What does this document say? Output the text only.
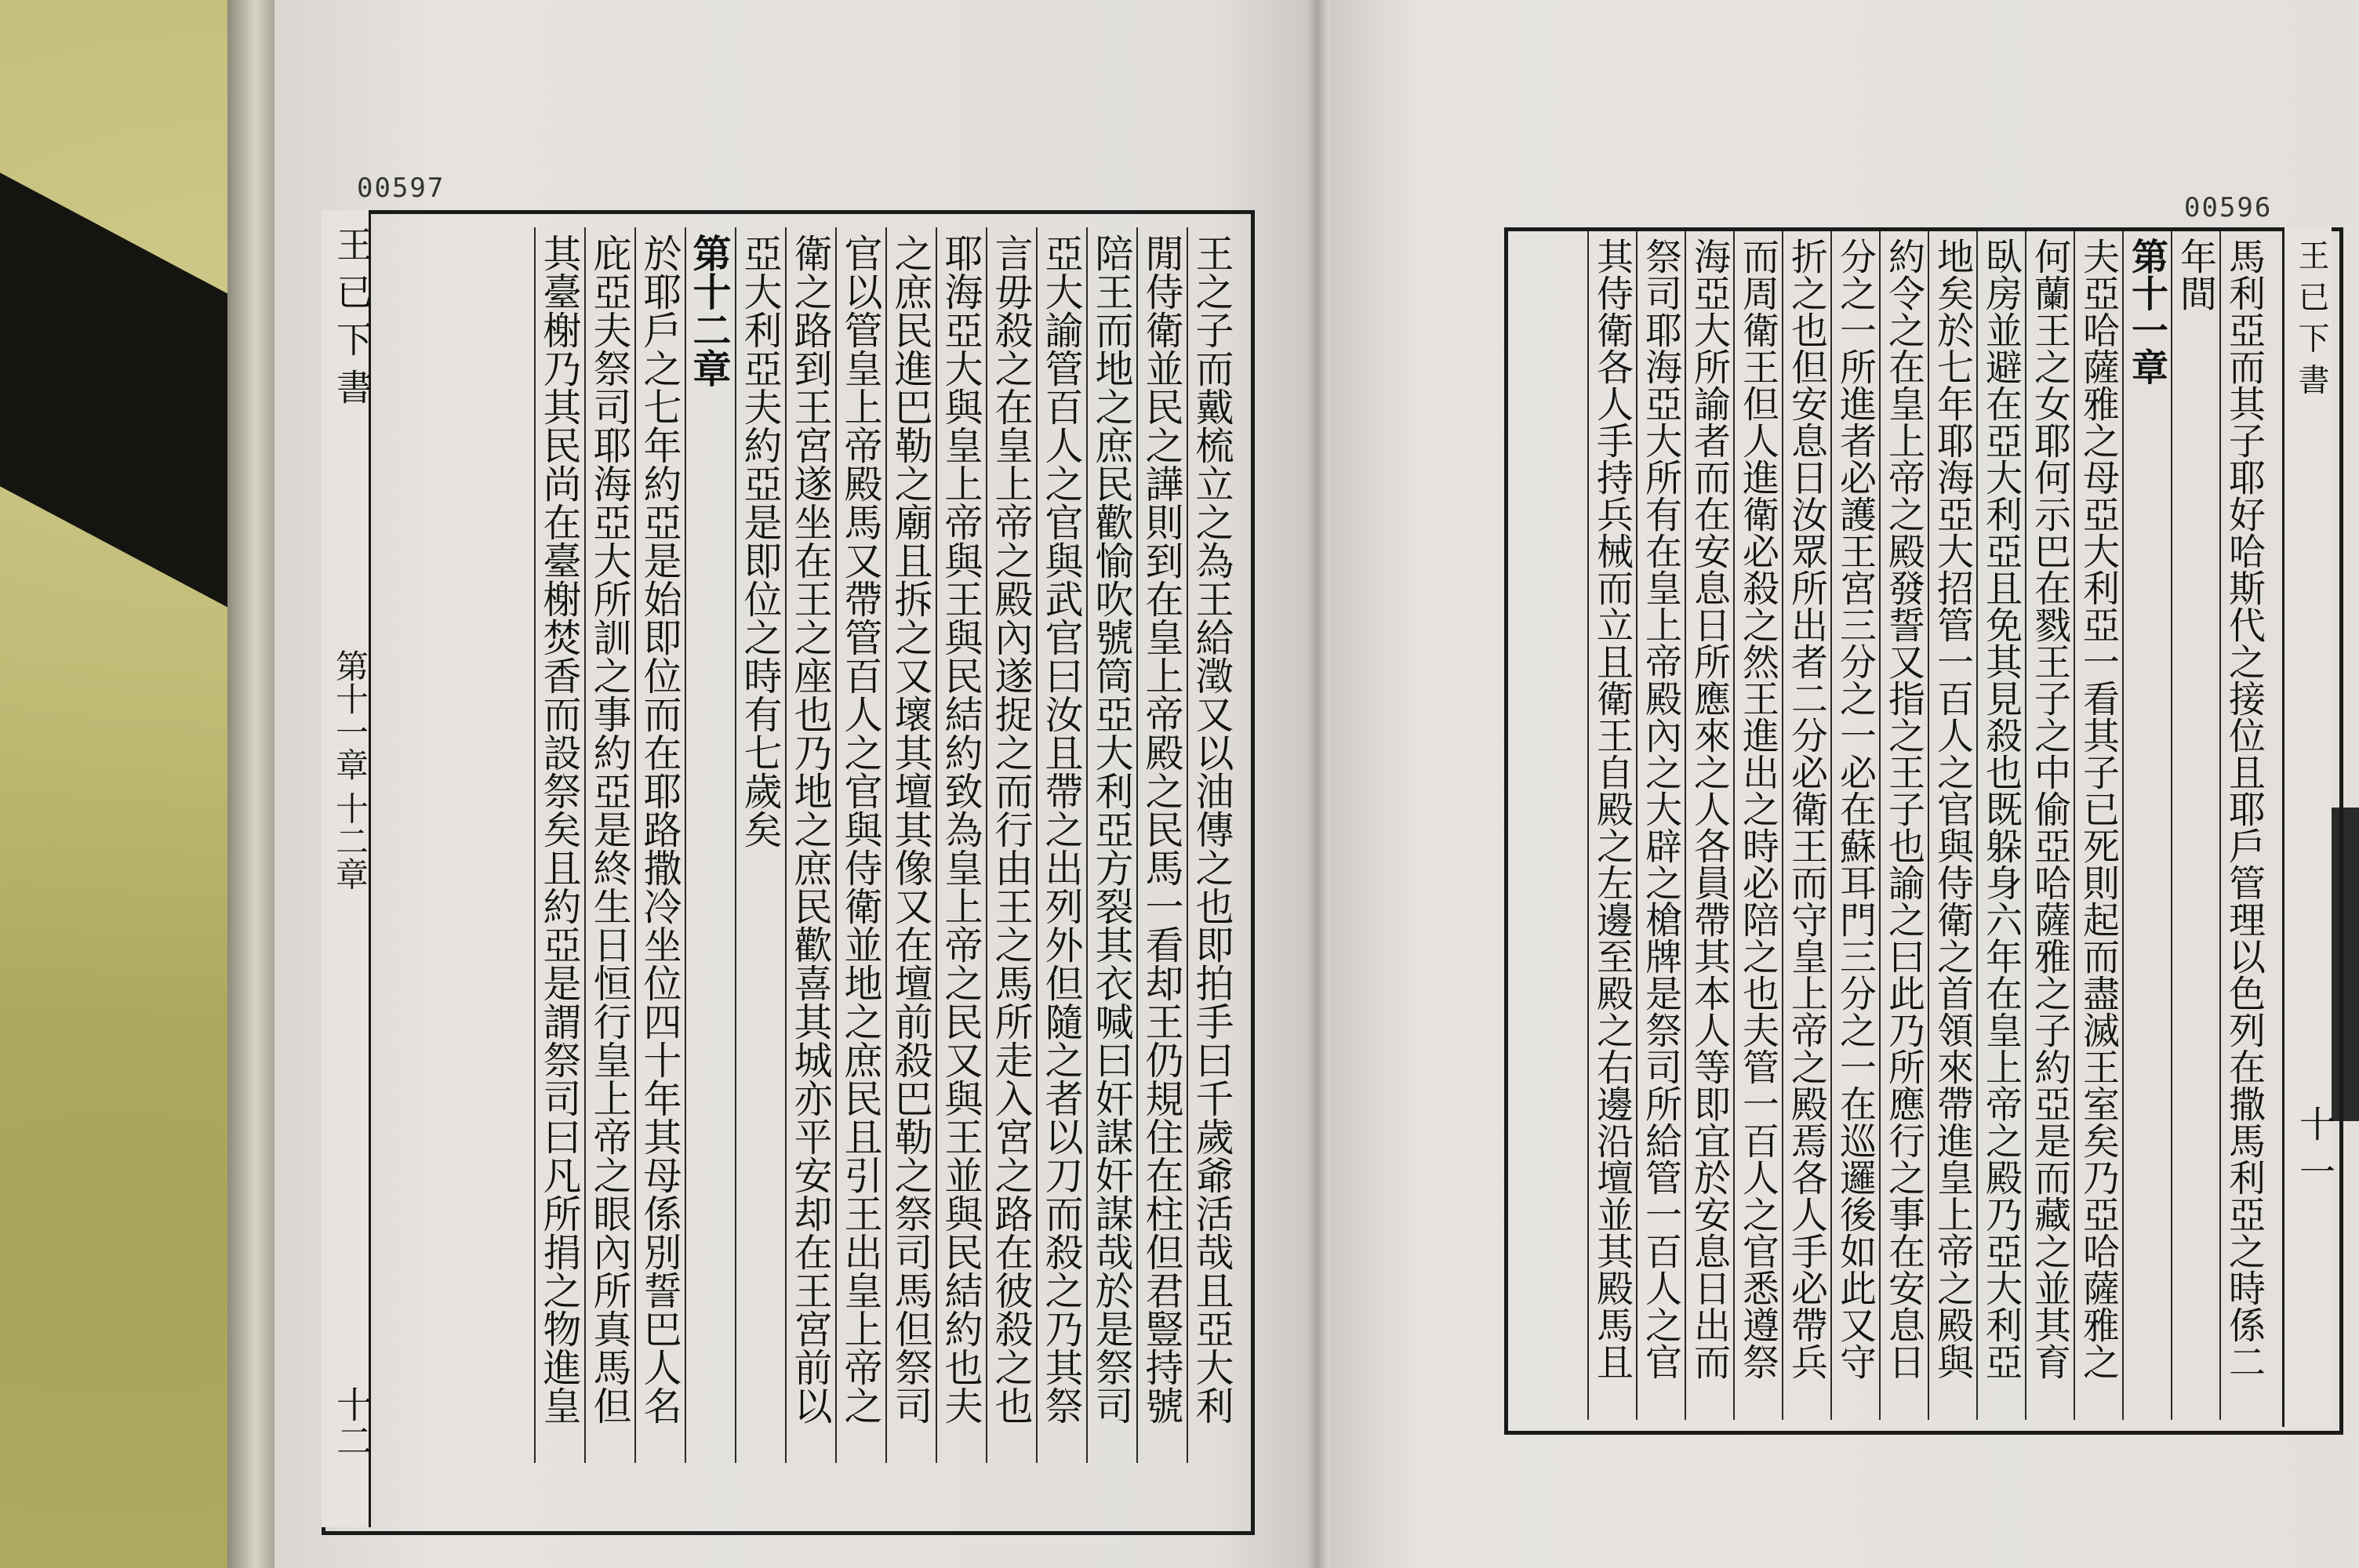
00597
王 已 下 書
第十一章 十二章
十二
王之子而戴梳立之為王給澂又以油傳之也即拍手曰千歲爺活哉且亞大利
閒侍衛並民之譁則到在皇上帝殿之民馬一看却王仍規住在柱但君豎持號
陪王而地之庶民歡愉吹號筒亞大利亞方裂其衣喊曰奸謀奸謀哉於是祭司
亞大諭管百人之官與武官曰汝且帶之出列外但隨之者以刀而殺之乃其祭
言毋殺之在皇上帝之殿內遂捉之而行由王之馬所走入宮之路在彼殺之也
耶海亞大與皇上帝與王與民結約致為皇上帝之民又與王並與民結約也夫
之庶民進巴勒之廟且拆之又壞其壇其像又在壇前殺巴勒之祭司馬但祭司
官以管皇上帝殿馬又帶管百人之官與侍衛並地之庶民且引王出皇上帝之
衛之路到王宮遂坐在王之座也乃地之庶民歡喜其城亦平安却在王宮前以
亞大利亞夫約亞是即位之時有七歲矣
第十二章
於耶戶之七年約亞是始即位而在耶路撒冷坐位四十年其母係別誓巴人名
庇亞夫祭司耶海亞大所訓之事約亞是終生日恒行皇上帝之眼內所真馬但
其臺榭乃其民尚在臺榭焚香而設祭矣且約亞是謂祭司曰凡所捐之物進皇
00596
王 已 下 書
十 一
馬利亞而其子耶好哈斯代之接位且耶戶管理以色列在撒馬利亞之時係二
年間
第十一章
夫亞哈薩雅之母亞大利亞一看其子已死則起而盡滅王室矣乃亞哈薩雅之
何蘭王之女耶何示巴在戮王子之中偷亞哈薩雅之子約亞是而藏之並其育
臥房並避在亞大利亞且免其見殺也既躲身六年在皇上帝之殿乃亞大利亞
地矣於七年耶海亞大招管一百人之官與侍衛之首領來帶進皇上帝之殿與
約令之在皇上帝之殿發誓又指之王子也諭之曰此乃所應行之事在安息日
分之一所進者必護王宮三分之一必在蘇耳門三分之一在巡邏後如此又守
折之也但安息日汝眾所出者二分必衛王而守皇上帝之殿焉各人手必帶兵
而周衛王但人進衛必殺之然王進出之時必陪之也夫管一百人之官悉遵祭
海亞大所諭者而在安息日所應來之人各員帶其本人等即宜於安息日出而
祭司耶海亞大所有在皇上帝殿內之大辟之槍牌是祭司所給管一百人之官
其侍衛各人手持兵械而立且衛王自殿之左邊至殿之右邊沿壇並其殿馬且
